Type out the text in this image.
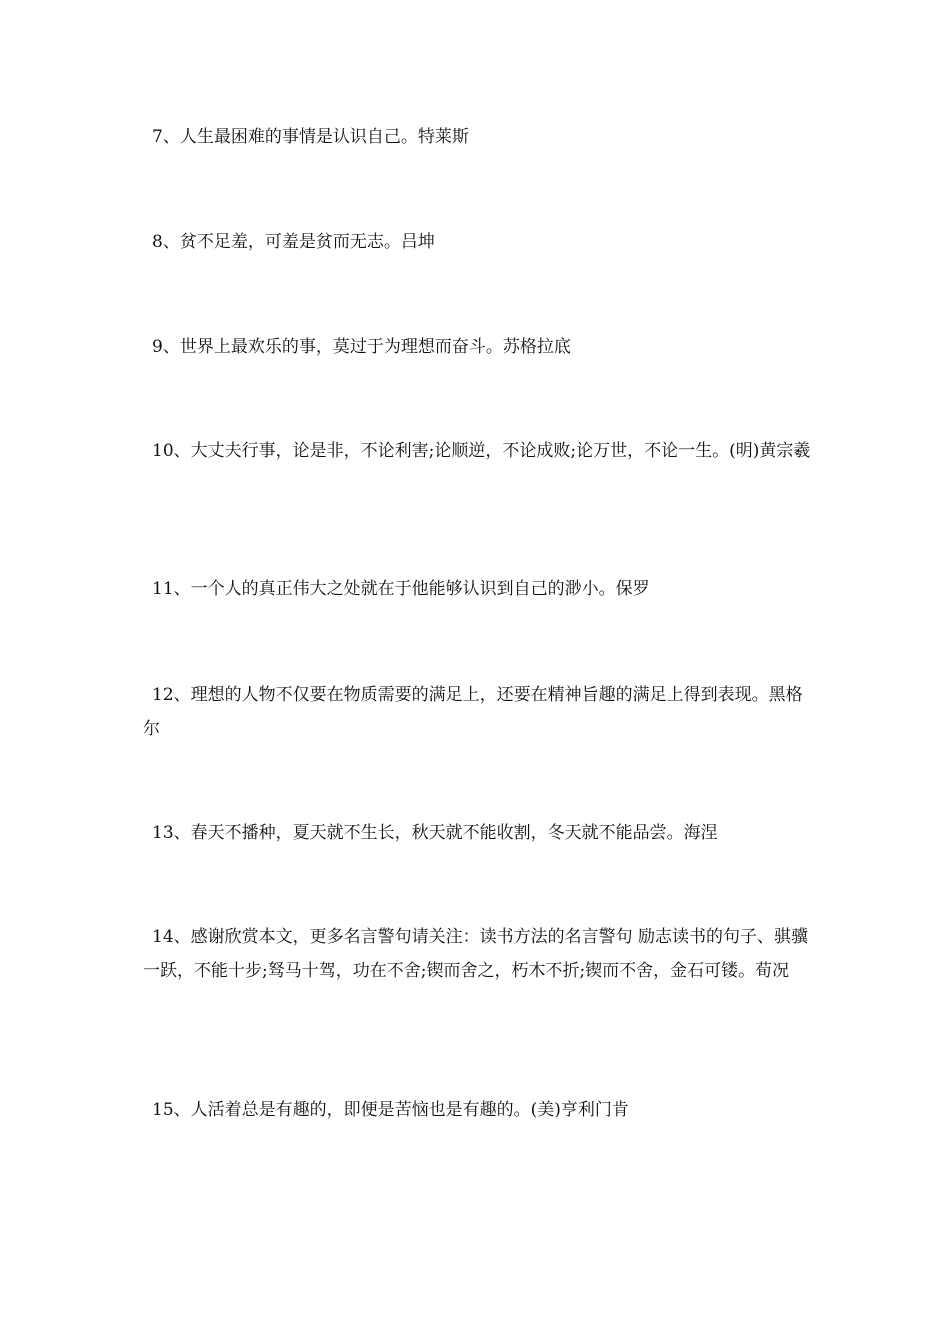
7、人生最困难的事情是认识自己。特莱斯

8、贫不足羞，可羞是贫而无志。吕坤

9、世界上最欢乐的事，莫过于为理想而奋斗。苏格拉底

10、大丈夫行事，论是非，不论利害;论顺逆，不论成败;论万世，不论一生。(明)黄宗羲

11、一个人的真正伟大之处就在于他能够认识到自己的渺小。保罗

12、理想的人物不仅要在物质需要的满足上，还要在精神旨趣的满足上得到表现。黑格尔

13、春天不播种，夏天就不生长，秋天就不能收割，冬天就不能品尝。海涅

14、感谢欣赏本文，更多名言警句请关注：读书方法的名言警句 励志读书的句子、骐骥一跃，不能十步;驽马十驾，功在不舍;锲而舍之，朽木不折;锲而不舍，金石可镂。荀况

15、人活着总是有趣的，即便是苦恼也是有趣的。(美)亨利门肯
